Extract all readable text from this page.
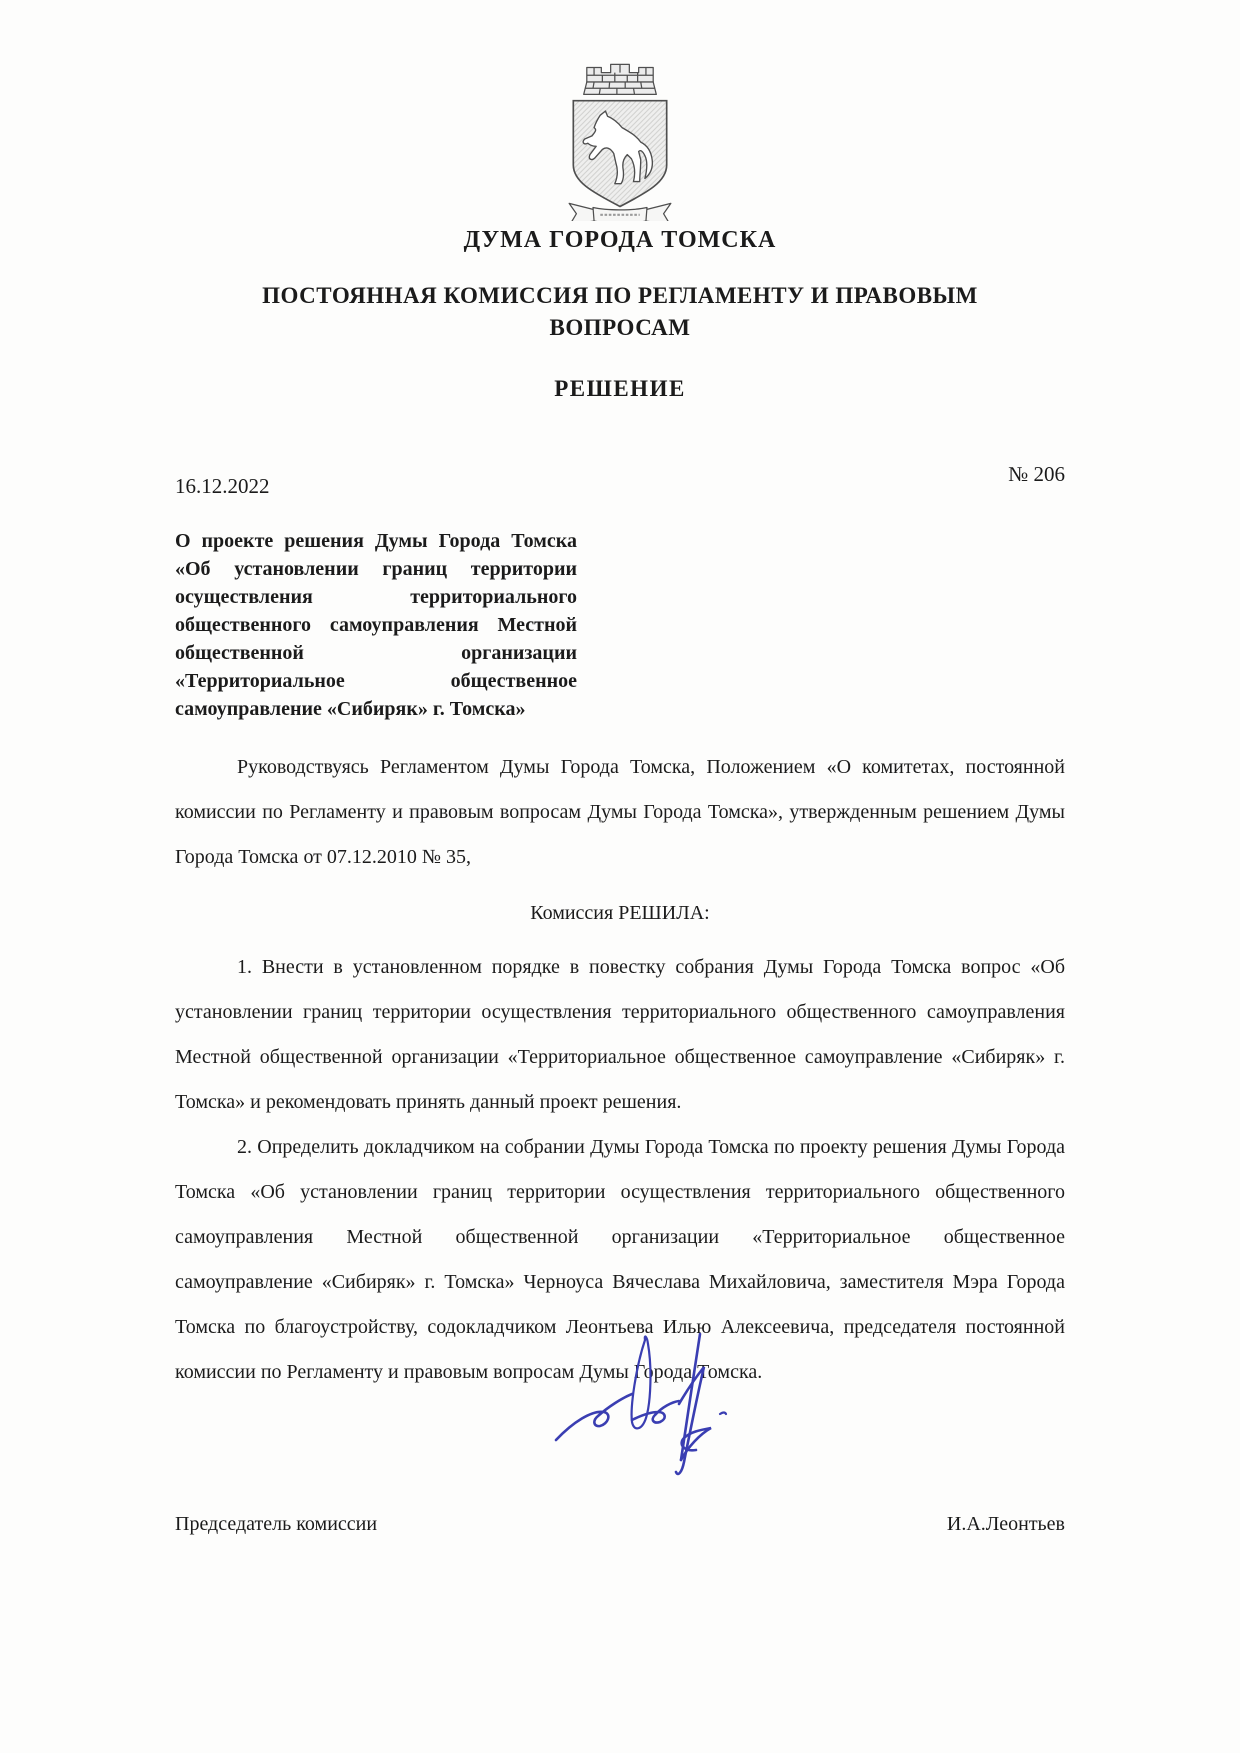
ДУМА ГОРОДА ТОМСКА
ПОСТОЯННАЯ КОМИССИЯ ПО РЕГЛАМЕНТУ И ПРАВОВЫМ ВОПРОСАМ
РЕШЕНИЕ
16.12.2022	№ 206
О проекте решения Думы Города Томска «Об установлении границ территории осуществления территориального общественного самоуправления Местной общественной организации «Территориальное общественное самоуправление «Сибиряк» г. Томска»

Руководствуясь Регламентом Думы Города Томска, Положением «О комитетах, постоянной комиссии по Регламенту и правовым вопросам Думы Города Томска», утвержденным решением Думы Города Томска от 07.12.2010 № 35,

Комиссия РЕШИЛА:

1. Внести в установленном порядке в повестку собрания Думы Города Томска вопрос «Об установлении границ территории осуществления территориального общественного самоуправления Местной общественной организации «Территориальное общественное самоуправление «Сибиряк» г. Томска» и рекомендовать принять данный проект решения.

2. Определить докладчиком на собрании Думы Города Томска по проекту решения Думы Города Томска «Об установлении границ территории осуществления территориального общественного самоуправления Местной общественной организации «Территориальное общественное самоуправление «Сибиряк» г. Томска» Черноуса Вячеслава Михайловича, заместителя Мэра Города Томска по благоустройству, содокладчиком Леонтьева Илью Алексеевича, председателя постоянной комиссии по Регламенту и правовым вопросам Думы Города Томска.

Председатель комиссии	И.А.Леонтьев
